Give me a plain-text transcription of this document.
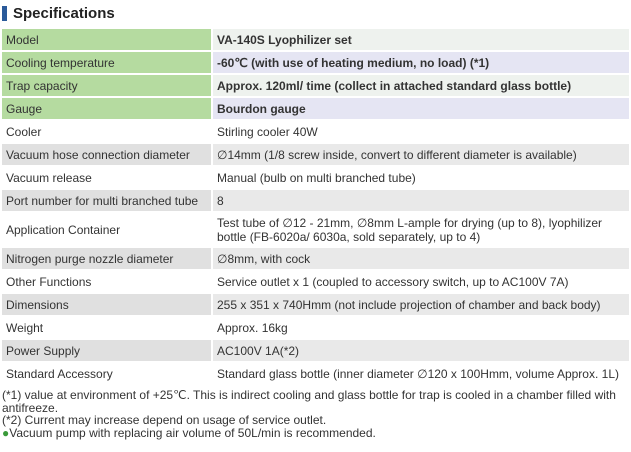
Specifications
Model	VA-140S Lyophilizer set
Cooling temperature	-60℃ (with use of heating medium, no load) (*1)
Trap capacity	Approx. 120ml/ time (collect in attached standard glass bottle)
Gauge	Bourdon gauge
Cooler	Stirling cooler 40W
Vacuum hose connection diameter	∅14mm (1/8 screw inside, convert to different diameter is available)
Vacuum release	Manual (bulb on multi branched tube)
Port number for multi branched tube	8
Application Container	Test tube of ∅12 - 21mm, ∅8mm L-ample for drying (up to 8), lyophilizer bottle (FB-6020a/ 6030a, sold separately, up to 4)
Nitrogen purge nozzle diameter	∅8mm, with cock
Other Functions	Service outlet x 1 (coupled to accessory switch, up to AC100V 7A)
Dimensions	255 x 351 x 740Hmm (not include projection of chamber and back body)
Weight	Approx. 16kg
Power Supply	AC100V 1A(*2)
Standard Accessory	Standard glass bottle (inner diameter ∅120 x 100Hmm, volume Approx. 1L)

(*1) value at environment of +25℃. This is indirect cooling and glass bottle for trap is cooled in a chamber filled with antifreeze.

(*2) Current may increase depend on usage of service outlet.

●Vacuum pump with replacing air volume of 50L/min is recommended.
